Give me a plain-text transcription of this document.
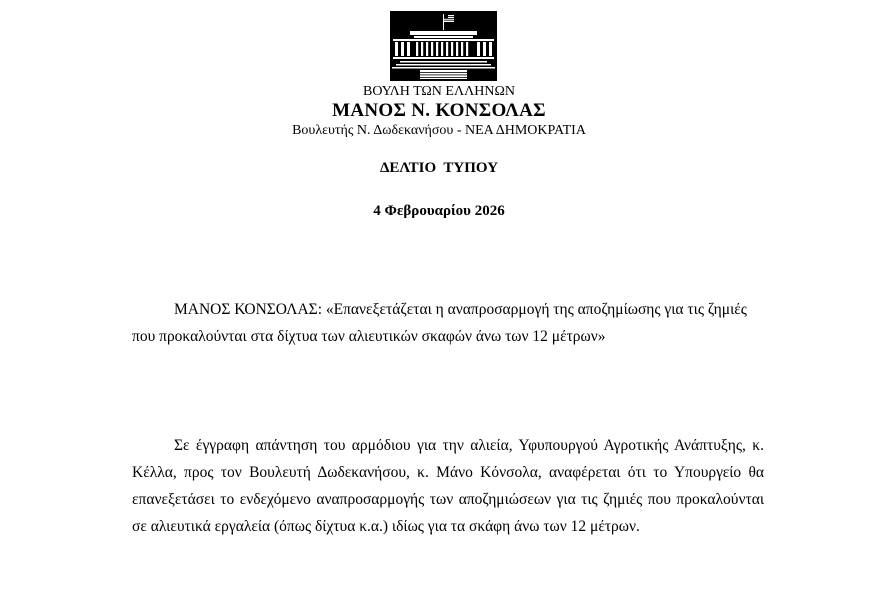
ΒΟΥΛΗ ΤΩΝ ΕΛΛΗΝΩΝ
ΜΑΝΟΣ Ν. ΚΟΝΣΟΛΑΣ
Βουλευτής Ν. Δωδεκανήσου - ΝΕΑ ΔΗΜΟΚΡΑΤΙΑ
ΔΕΛΤΙΟ  ΤΥΠΟΥ
4 Φεβρουαρίου 2026

ΜΑΝΟΣ ΚΟΝΣΟΛΑΣ: «Επανεξετάζεται η αναπροσαρμογή της αποζημίωσης για τις ζημιές που προκαλούνται στα δίχτυα των αλιευτικών σκαφών άνω των 12 μέτρων»

Σε έγγραφη απάντηση του αρμόδιου για την αλιεία, Υφυπουργού Αγροτικής Ανάπτυξης, κ. Κέλλα, προς τον Βουλευτή Δωδεκανήσου, κ. Μάνο Κόνσολα, αναφέρεται ότι το Υπουργείο θα επανεξετάσει το ενδεχόμενο αναπροσαρμογής των αποζημιώσεων για τις ζημιές που προκαλούνται σε αλιευτικά εργαλεία (όπως δίχτυα κ.α.) ιδίως για τα σκάφη άνω των 12 μέτρων.
